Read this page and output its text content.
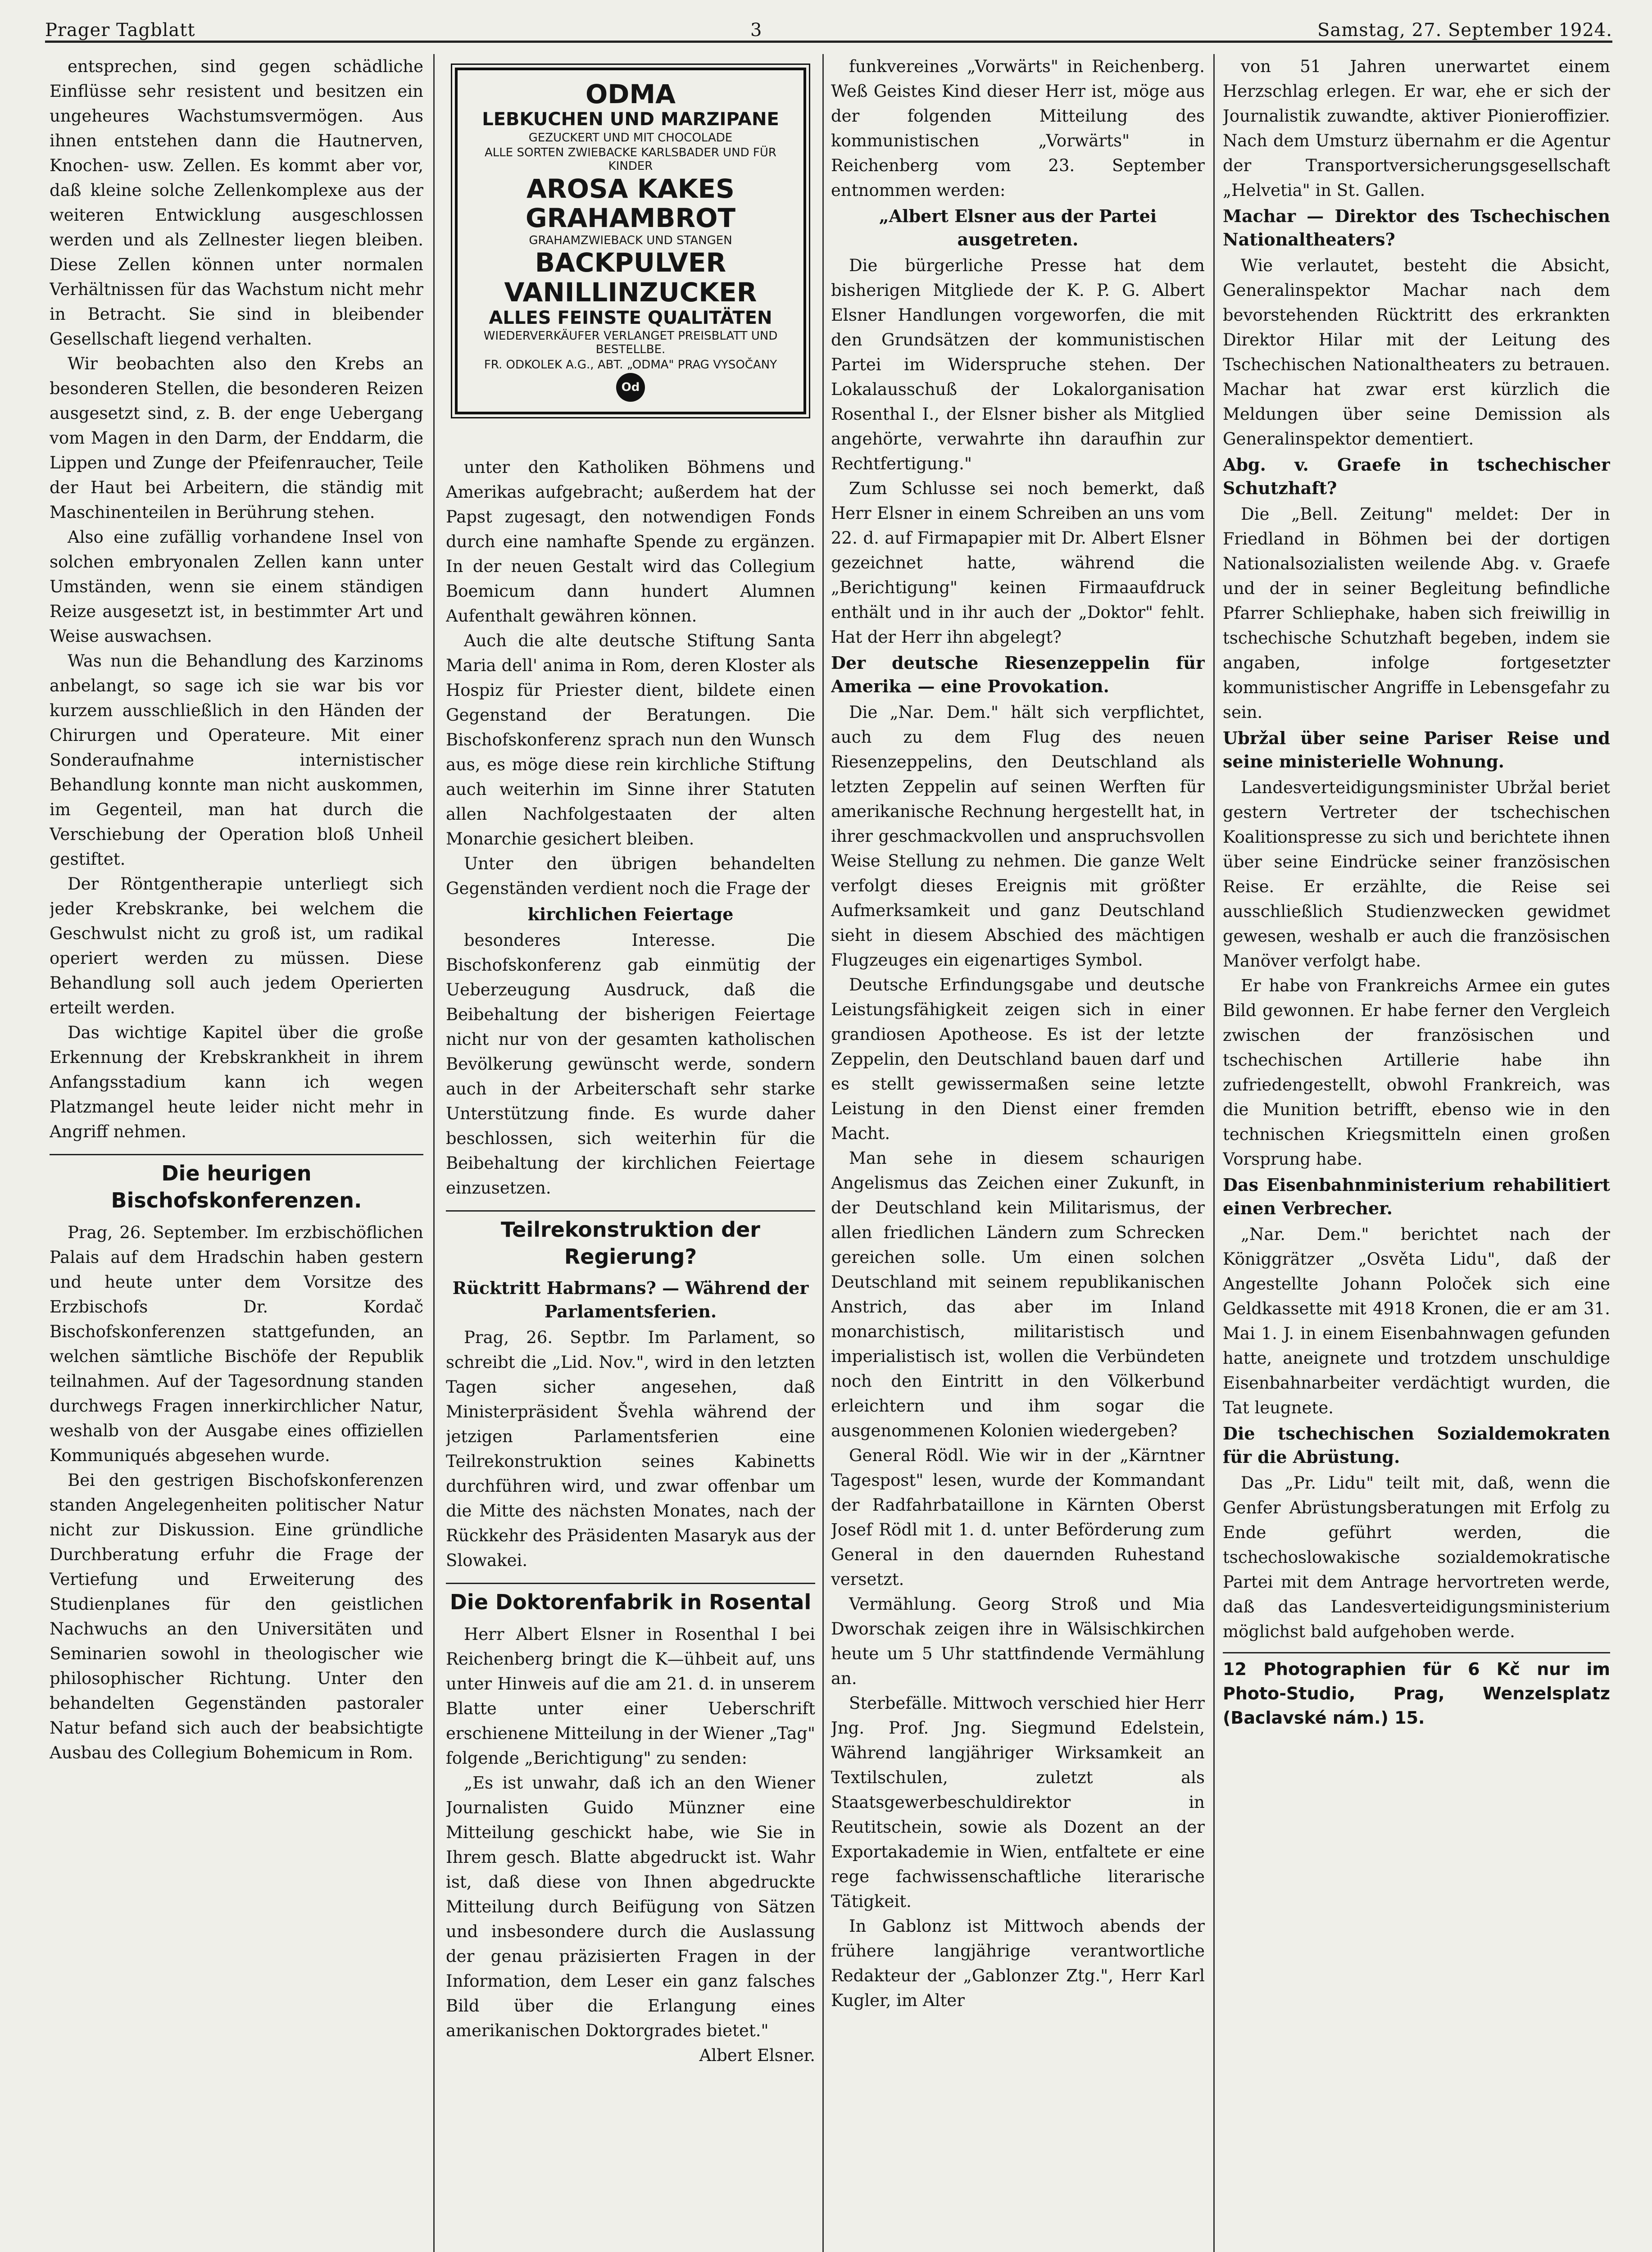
Prager Tagblatt	3	Samstag, 27. September 1924.

entsprechen, sind gegen schädliche Einflüsse sehr resistent und besitzen ein ungeheures Wachstumsvermögen. Aus ihnen entstehen dann die Hautnerven, Knochen- usw. Zellen. Es kommt aber vor, daß kleine solche Zellenkomplexe aus der weiteren Entwicklung ausgeschlossen werden und als Zellnester liegen bleiben. Diese Zellen können unter normalen Verhältnissen für das Wachstum nicht mehr in Betracht. Sie sind in bleibender Gesellschaft liegend verhalten.

Wir beobachten also den Krebs an besonderen Stellen, die besonderen Reizen ausgesetzt sind, z. B. der enge Uebergang vom Magen in den Darm, der Enddarm, die Lippen und Zunge der Pfeifenraucher, Teile der Haut bei Arbeitern, die ständig mit Maschinenteilen in Berührung stehen.

Also eine zufällig vorhandene Insel von solchen embryonalen Zellen kann unter Umständen, wenn sie einem ständigen Reize ausgesetzt ist, in bestimmter Art und Weise auswachsen.

Was nun die Behandlung des Karzinoms anbelangt, so sage ich sie war bis vor kurzem ausschließlich in den Händen der Chirurgen und Operateure. Mit einer Sonderaufnahme internistischer Behandlung konnte man nicht auskommen, im Gegenteil, man hat durch die Verschiebung der Operation bloß Unheil gestiftet.

Der Röntgentherapie unterliegt sich jeder Krebskranke, bei welchem die Geschwulst nicht zu groß ist, um radikal operiert werden zu müssen. Diese Behandlung soll auch jedem Operierten erteilt werden.

Das wichtige Kapitel über die große Erkennung der Krebskrankheit in ihrem Anfangsstadium kann ich wegen Platzmangel heute leider nicht mehr in Angriff nehmen.

Die heurigen Bischofskonferenzen.

Prag, 26. September. Im erzbischöflichen Palais auf dem Hradschin haben gestern und heute unter dem Vorsitze des Erzbischofs Dr. Kordač Bischofskonferenzen stattgefunden, an welchen sämtliche Bischöfe der Republik teilnahmen. Auf der Tagesordnung standen durchwegs Fragen innerkirchlicher Natur, weshalb von der Ausgabe eines offiziellen Kommuniqués abgesehen wurde.

Bei den gestrigen Bischofskonferenzen standen Angelegenheiten politischer Natur nicht zur Diskussion. Eine gründliche Durchberatung erfuhr die Frage der Vertiefung und Erweiterung des Studienplanes für den geistlichen Nachwuchs an den Universitäten und Seminarien sowohl in theologischer wie philosophischer Richtung. Unter den behandelten Gegenständen pastoraler Natur befand sich auch der beabsichtigte Ausbau des Collegium Bohemicum in Rom.

ODMA
LEBKUCHEN UND MARZIPANE
GEZUCKERT UND MIT CHOCOLADE
ALLE SORTEN ZWIEBACKE KARLSBADER UND FÜR KINDER
AROSA KAKES
GRAHAMBROT
GRAHAMZWIEBACK UND STANGEN
BACKPULVER
VANILLINZUCKER
ALLES FEINSTE QUALITÄTEN
WIEDERVERKÄUFER VERLANGET PREISBLATT UND BESTELLBE.
FR. ODKOLEK A.G., ABT. „ODMA" PRAG VYSOČANY
Od

unter den Katholiken Böhmens und Amerikas aufgebracht; außerdem hat der Papst zugesagt, den notwendigen Fonds durch eine namhafte Spende zu ergänzen. In der neuen Gestalt wird das Collegium Boemicum dann hundert Alumnen Aufenthalt gewähren können.

Auch die alte deutsche Stiftung Santa Maria dell' anima in Rom, deren Kloster als Hospiz für Priester dient, bildete einen Gegenstand der Beratungen. Die Bischofskonferenz sprach nun den Wunsch aus, es möge diese rein kirchliche Stiftung auch weiterhin im Sinne ihrer Statuten allen Nachfolgestaaten der alten Monarchie gesichert bleiben.

Unter den übrigen behandelten Gegenständen verdient noch die Frage der

kirchlichen Feiertage

besonderes Interesse. Die Bischofskonferenz gab einmütig der Ueberzeugung Ausdruck, daß die Beibehaltung der bisherigen Feiertage nicht nur von der gesamten katholischen Bevölkerung gewünscht werde, sondern auch in der Arbeiterschaft sehr starke Unterstützung finde. Es wurde daher beschlossen, sich weiterhin für die Beibehaltung der kirchlichen Feiertage einzusetzen.

Teilrekonstruktion der Regierung?
Rücktritt Habrmans? — Während der Parlamentsferien.

Prag, 26. Septbr. Im Parlament, so schreibt die „Lid. Nov.", wird in den letzten Tagen sicher angesehen, daß Ministerpräsident Švehla während der jetzigen Parlamentsferien eine Teilrekonstruktion seines Kabinetts durchführen wird, und zwar offenbar um die Mitte des nächsten Monates, nach der Rückkehr des Präsidenten Masaryk aus der Slowakei.

Die Doktorenfabrik in Rosental

Herr Albert Elsner in Rosenthal I bei Reichenberg bringt die K—ühbeit auf, uns unter Hinweis auf die am 21. d. in unserem Blatte unter einer Ueberschrift erschienene Mitteilung in der Wiener „Tag" folgende „Berichtigung" zu senden:

„Es ist unwahr, daß ich an den Wiener Journalisten Guido Münzner eine Mitteilung geschickt habe, wie Sie in Ihrem gesch. Blatte abgedruckt ist. Wahr ist, daß diese von Ihnen abgedruckte Mitteilung durch Beifügung von Sätzen und insbesondere durch die Auslassung der genau präzisierten Fragen in der Information, dem Leser ein ganz falsches Bild über die Erlangung eines amerikanischen Doktorgrades bietet."

Albert Elsner.

funkvereines „Vorwärts" in Reichenberg. Weß Geistes Kind dieser Herr ist, möge aus der folgenden Mitteilung des kommunistischen „Vorwärts" in Reichenberg vom 23. September entnommen werden:

„Albert Elsner aus der Partei ausgetreten.

Die bürgerliche Presse hat dem bisherigen Mitgliede der K. P. G. Albert Elsner Handlungen vorgeworfen, die mit den Grundsätzen der kommunistischen Partei im Widerspruche stehen. Der Lokalausschuß der Lokalorganisation Rosenthal I., der Elsner bisher als Mitglied angehörte, verwahrte ihn daraufhin zur Rechtfertigung."

Zum Schlusse sei noch bemerkt, daß Herr Elsner in einem Schreiben an uns vom 22. d. auf Firmapapier mit Dr. Albert Elsner gezeichnet hatte, während die „Berichtigung" keinen Firmaaufdruck enthält und in ihr auch der „Doktor" fehlt. Hat der Herr ihn abgelegt?

Der deutsche Riesenzeppelin für Amerika — eine Provokation.

Die „Nar. Dem." hält sich verpflichtet, auch zu dem Flug des neuen Riesenzeppelins, den Deutschland als letzten Zeppelin auf seinen Werften für amerikanische Rechnung hergestellt hat, in ihrer geschmackvollen und anspruchsvollen Weise Stellung zu nehmen. Die ganze Welt verfolgt dieses Ereignis mit größter Aufmerksamkeit und ganz Deutschland sieht in diesem Abschied des mächtigen Flugzeuges ein eigenartiges Symbol.

Deutsche Erfindungsgabe und deutsche Leistungsfähigkeit zeigen sich in einer grandiosen Apotheose. Es ist der letzte Zeppelin, den Deutschland bauen darf und es stellt gewissermaßen seine letzte Leistung in den Dienst einer fremden Macht.

Man sehe in diesem schaurigen Angelismus das Zeichen einer Zukunft, in der Deutschland kein Militarismus, der allen friedlichen Ländern zum Schrecken gereichen solle. Um einen solchen Deutschland mit seinem republikanischen Anstrich, das aber im Inland monarchistisch, militaristisch und imperialistisch ist, wollen die Verbündeten noch den Eintritt in den Völkerbund erleichtern und ihm sogar die ausgenommenen Kolonien wiedergeben?

General Rödl. Wie wir in der „Kärntner Tagespost" lesen, wurde der Kommandant der Radfahrbataillone in Kärnten Oberst Josef Rödl mit 1. d. unter Beförderung zum General in den dauernden Ruhestand versetzt.

Vermählung. Georg Stroß und Mia Dworschak zeigen ihre in Wälsischkirchen heute um 5 Uhr stattfindende Vermählung an.

Sterbefälle. Mittwoch verschied hier Herr Jng. Prof. Jng. Siegmund Edelstein, Während langjähriger Wirksamkeit an Textilschulen, zuletzt als Staatsgewerbeschuldirektor in Reutitschein, sowie als Dozent an der Exportakademie in Wien, entfaltete er eine rege fachwissenschaftliche literarische Tätigkeit.

In Gablonz ist Mittwoch abends der frühere langjährige verantwortliche Redakteur der „Gablonzer Ztg.", Herr Karl Kugler, im Alter

von 51 Jahren unerwartet einem Herzschlag erlegen. Er war, ehe er sich der Journalistik zuwandte, aktiver Pionieroffizier. Nach dem Umsturz übernahm er die Agentur der Transportversicherungsgesellschaft „Helvetia" in St. Gallen.

Machar — Direktor des Tschechischen Nationaltheaters?

Wie verlautet, besteht die Absicht, Generalinspektor Machar nach dem bevorstehenden Rücktritt des erkrankten Direktor Hilar mit der Leitung des Tschechischen Nationaltheaters zu betrauen. Machar hat zwar erst kürzlich die Meldungen über seine Demission als Generalinspektor dementiert.

Abg. v. Graefe in tschechischer Schutzhaft?

Die „Bell. Zeitung" meldet: Der in Friedland in Böhmen bei der dortigen Nationalsozialisten weilende Abg. v. Graefe und der in seiner Begleitung befindliche Pfarrer Schliephake, haben sich freiwillig in tschechische Schutzhaft begeben, indem sie angaben, infolge fortgesetzter kommunistischer Angriffe in Lebensgefahr zu sein.

Ubržal über seine Pariser Reise und seine ministerielle Wohnung.

Landesverteidigungsminister Ubržal beriet gestern Vertreter der tschechischen Koalitionspresse zu sich und berichtete ihnen über seine Eindrücke seiner französischen Reise. Er erzählte, die Reise sei ausschließlich Studienzwecken gewidmet gewesen, weshalb er auch die französischen Manöver verfolgt habe.

Er habe von Frankreichs Armee ein gutes Bild gewonnen. Er habe ferner den Vergleich zwischen der französischen und tschechischen Artillerie habe ihn zufriedengestellt, obwohl Frankreich, was die Munition betrifft, ebenso wie in den technischen Kriegsmitteln einen großen Vorsprung habe.

Das Eisenbahnministerium rehabilitiert einen Verbrecher.

„Nar. Dem." berichtet nach der Königgrätzer „Osvěta Lidu", daß der Angestellte Johann Poloček sich eine Geldkassette mit 4918 Kronen, die er am 31. Mai 1. J. in einem Eisenbahnwagen gefunden hatte, aneignete und trotzdem unschuldige Eisenbahnarbeiter verdächtigt wurden, die Tat leugnete.

Die tschechischen Sozialdemokraten für die Abrüstung.

Das „Pr. Lidu" teilt mit, daß, wenn die Genfer Abrüstungsberatungen mit Erfolg zu Ende geführt werden, die tschechoslowakische sozialdemokratische Partei mit dem Antrage hervortreten werde, daß das Landesverteidigungsministerium möglichst bald aufgehoben werde.

12 Photographien für 6 Kč nur im Photo-Studio, Prag, Wenzelsplatz (Baclavské nám.) 15.
